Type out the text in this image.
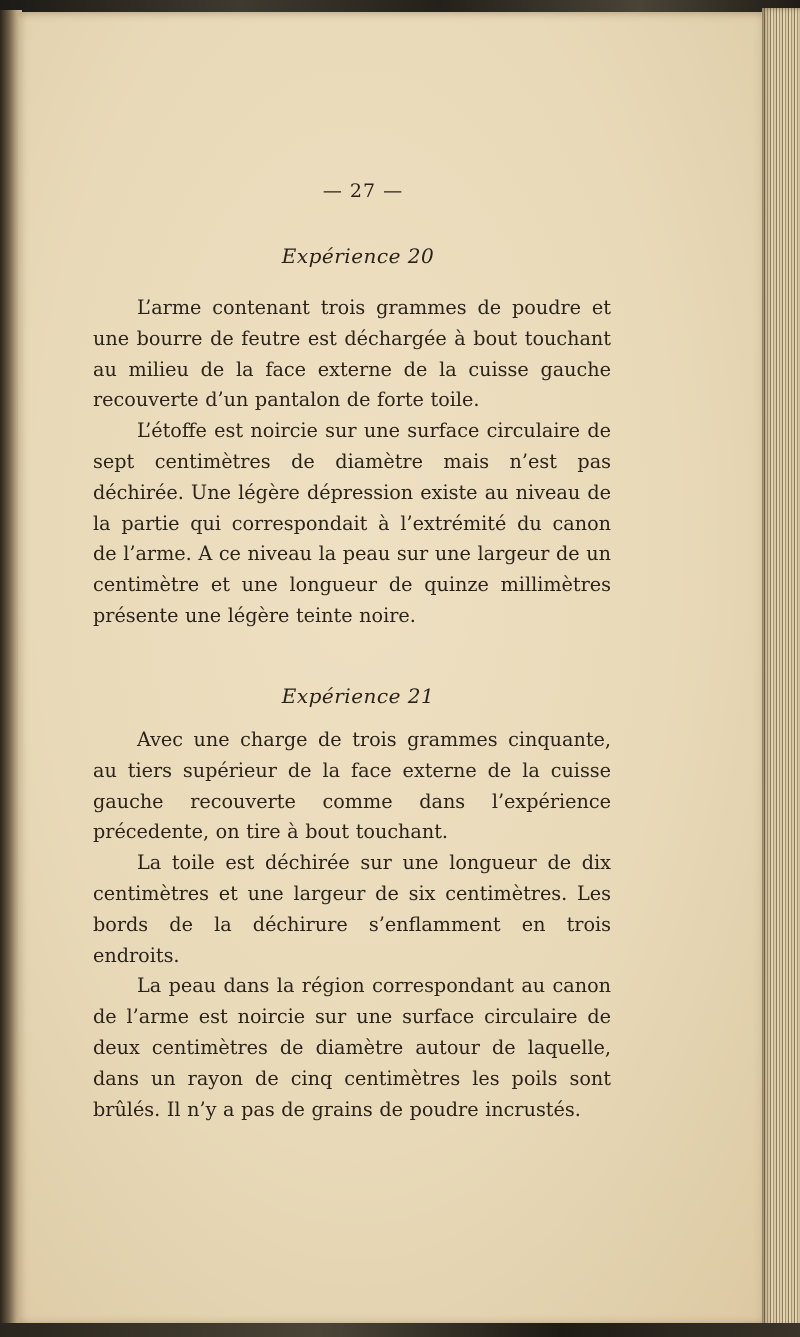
— 27 —

Expérience 20

L’arme contenant trois grammes de poudre et une bourre de feutre est déchargée à bout touchant au milieu de la face externe de la cuisse gauche recouverte d’un pantalon de forte toile.

L’étoffe est noircie sur une surface circulaire de sept centimètres de diamètre mais n’est pas déchirée. Une légère dépression existe au niveau de la partie qui correspondait à l’extrémité du canon de l’arme. A ce niveau la peau sur une largeur de un centimètre et une longueur de quinze millimètres présente une légère teinte noire.

Expérience 21

Avec une charge de trois grammes cinquante, au tiers supérieur de la face externe de la cuisse gauche recouverte comme dans l’expérience précedente, on tire à bout touchant.

La toile est déchirée sur une longueur de dix centimètres et une largeur de six centimètres. Les bords de la déchirure s’enflamment en trois endroits.

La peau dans la région correspondant au canon de l’arme est noircie sur une surface circulaire de deux centimètres de diamètre autour de laquelle, dans un rayon de cinq centimètres les poils sont brûlés. Il n’y a pas de grains de poudre incrustés.
